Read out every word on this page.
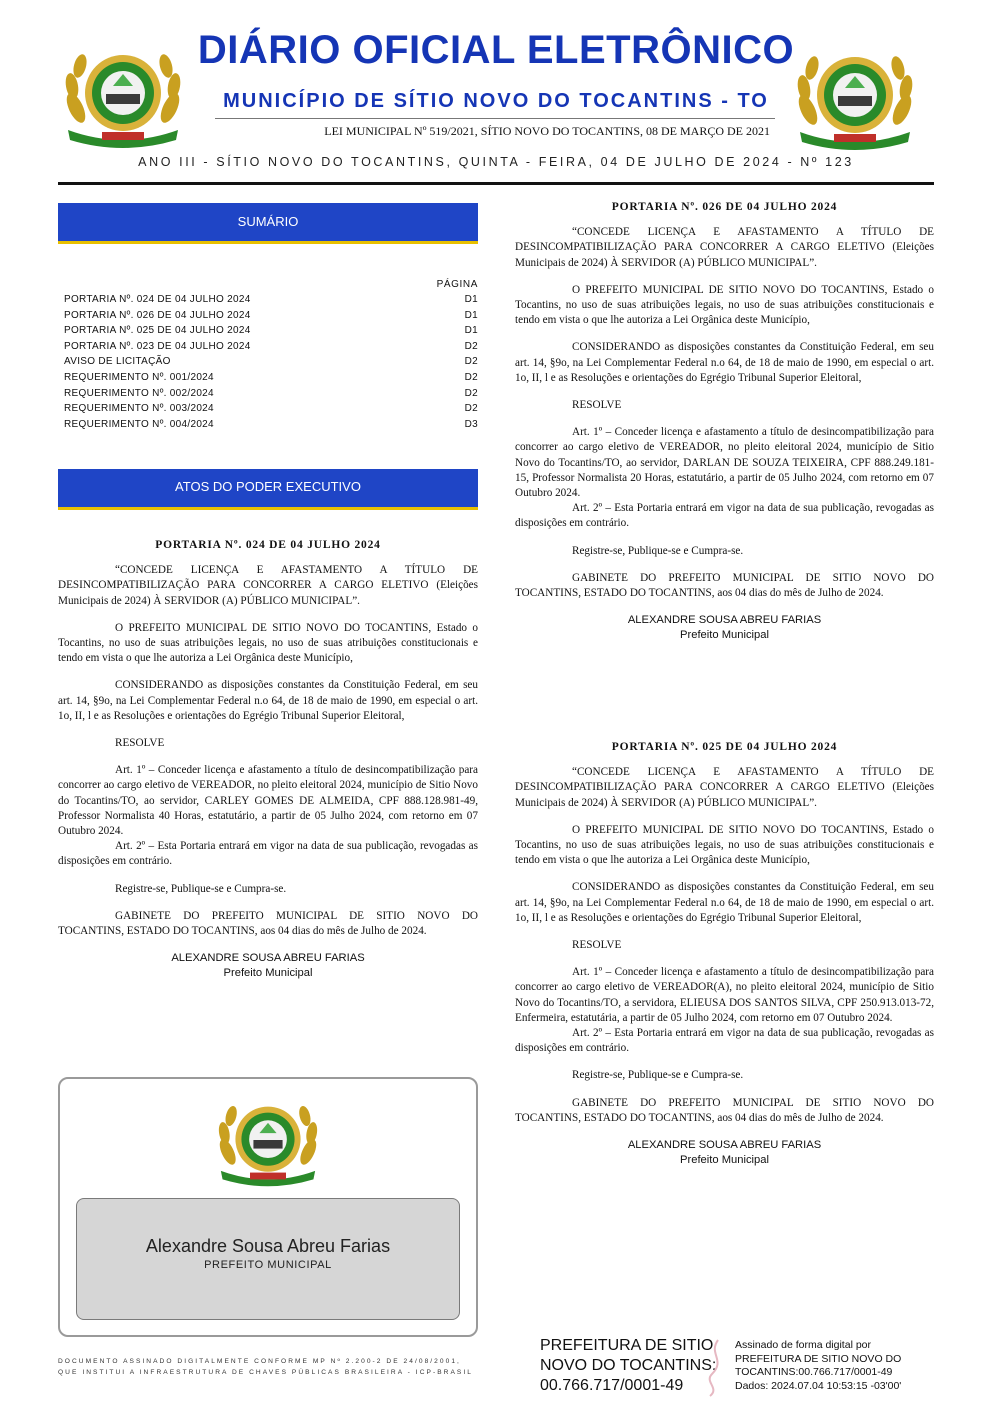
DIÁRIO OFICIAL ELETRÔNICO
MUNICÍPIO DE SÍTIO NOVO DO TOCANTINS - TO
LEI MUNICIPAL Nº 519/2021, SÍTIO NOVO DO TOCANTINS, 08 DE MARÇO DE 2021
ANO III - SÍTIO NOVO DO TOCANTINS, QUINTA - FEIRA, 04 DE JULHO DE 2024 - Nº 123
SUMÁRIO
PÁGINA
PORTARIA Nº. 024 DE 04 JULHO 2024	D1
PORTARIA Nº. 026 DE 04 JULHO 2024	D1
PORTARIA Nº. 025 DE 04 JULHO 2024	D1
PORTARIA Nº. 023 DE 04 JULHO 2024	D2
AVISO DE LICITAÇÃO	D2
REQUERIMENTO Nº. 001/2024	D2
REQUERIMENTO Nº. 002/2024	D2
REQUERIMENTO Nº. 003/2024	D2
REQUERIMENTO Nº. 004/2024	D3
ATOS DO PODER EXECUTIVO
PORTARIA Nº. 024 DE 04 JULHO 2024

“CONCEDE LICENÇA E AFASTAMENTO A TÍTULO DE DESINCOMPATIBILIZAÇÃO PARA CONCORRER A CARGO ELETIVO (Eleições Municipais de 2024) À SERVIDOR (A) PÚBLICO MUNICIPAL”.

O PREFEITO MUNICIPAL DE SITIO NOVO DO TOCANTINS, Estado o Tocantins, no uso de suas atribuições legais, no uso de suas atribuições constitucionais e tendo em vista o que lhe autoriza a Lei Orgânica deste Município,

CONSIDERANDO as disposições constantes da Constituição Federal, em seu art. 14, §9o, na Lei Complementar Federal n.o 64, de 18 de maio de 1990, em especial o art. 1o, II, l e as Resoluções e orientações do Egrégio Tribunal Superior Eleitoral,

RESOLVE

Art. 1º – Conceder licença e afastamento a título de desincompatibilização para concorrer ao cargo eletivo de VEREADOR, no pleito eleitoral 2024, município de Sitio Novo do Tocantins/TO, ao servidor, CARLEY GOMES DE ALMEIDA, CPF 888.128.981-49, Professor Normalista 40 Horas, estatutário, a partir de 05 Julho 2024, com retorno em 07 Outubro 2024.

Art. 2º – Esta Portaria entrará em vigor na data de sua publicação, revogadas as disposições em contrário.

Registre-se, Publique-se e Cumpra-se.

GABINETE DO PREFEITO MUNICIPAL DE SITIO NOVO DO TOCANTINS, ESTADO DO TOCANTINS, aos 04 dias do mês de Julho de 2024.

ALEXANDRE SOUSA ABREU FARIAS
Prefeito Municipal
PORTARIA Nº. 026 DE 04 JULHO 2024

“CONCEDE LICENÇA E AFASTAMENTO A TÍTULO DE DESINCOMPATIBILIZAÇÃO PARA CONCORRER A CARGO ELETIVO (Eleições Municipais de 2024) À SERVIDOR (A) PÚBLICO MUNICIPAL”.

O PREFEITO MUNICIPAL DE SITIO NOVO DO TOCANTINS, Estado o Tocantins, no uso de suas atribuições legais, no uso de suas atribuições constitucionais e tendo em vista o que lhe autoriza a Lei Orgânica deste Município,

CONSIDERANDO as disposições constantes da Constituição Federal, em seu art. 14, §9o, na Lei Complementar Federal n.o 64, de 18 de maio de 1990, em especial o art. 1o, II, l e as Resoluções e orientações do Egrégio Tribunal Superior Eleitoral,

RESOLVE

Art. 1º – Conceder licença e afastamento a título de desincompatibilização para concorrer ao cargo eletivo de VEREADOR, no pleito eleitoral 2024, município de Sitio Novo do Tocantins/TO, ao servidor, DARLAN DE SOUZA TEIXEIRA, CPF 888.249.181-15, Professor Normalista 20 Horas, estatutário, a partir de 05 Julho 2024, com retorno em 07 Outubro 2024.

Art. 2º – Esta Portaria entrará em vigor na data de sua publicação, revogadas as disposições em contrário.

Registre-se, Publique-se e Cumpra-se.

GABINETE DO PREFEITO MUNICIPAL DE SITIO NOVO DO TOCANTINS, ESTADO DO TOCANTINS, aos 04 dias do mês de Julho de 2024.

ALEXANDRE SOUSA ABREU FARIAS
Prefeito Municipal
PORTARIA Nº. 025 DE 04 JULHO 2024

“CONCEDE LICENÇA E AFASTAMENTO A TÍTULO DE DESINCOMPATIBILIZAÇÃO PARA CONCORRER A CARGO ELETIVO (Eleições Municipais de 2024) À SERVIDOR (A) PÚBLICO MUNICIPAL”.

O PREFEITO MUNICIPAL DE SITIO NOVO DO TOCANTINS, Estado o Tocantins, no uso de suas atribuições legais, no uso de suas atribuições constitucionais e tendo em vista o que lhe autoriza a Lei Orgânica deste Município,

CONSIDERANDO as disposições constantes da Constituição Federal, em seu art. 14, §9o, na Lei Complementar Federal n.o 64, de 18 de maio de 1990, em especial o art. 1o, II, l e as Resoluções e orientações do Egrégio Tribunal Superior Eleitoral,

RESOLVE

Art. 1º – Conceder licença e afastamento a título de desincompatibilização para concorrer ao cargo eletivo de VEREADOR(A), no pleito eleitoral 2024, município de Sitio Novo do Tocantins/TO, a servidora, ELIEUSA DOS SANTOS SILVA, CPF 250.913.013-72, Enfermeira, estatutária, a partir de 05 Julho 2024, com retorno em 07 Outubro 2024.

Art. 2º – Esta Portaria entrará em vigor na data de sua publicação, revogadas as disposições em contrário.

Registre-se, Publique-se e Cumpra-se.

GABINETE DO PREFEITO MUNICIPAL DE SITIO NOVO DO TOCANTINS, ESTADO DO TOCANTINS, aos 04 dias do mês de Julho de 2024.

ALEXANDRE SOUSA ABREU FARIAS
Prefeito Municipal
Alexandre Sousa Abreu Farias
PREFEITO MUNICIPAL
DOCUMENTO ASSINADO DIGITALMENTE CONFORME MP Nº 2.200-2 DE 24/08/2001, QUE INSTITUI A INFRAESTRUTURA DE CHAVES PÚBLICAS BRASILEIRA - ICP-BRASIL
PREFEITURA DE SITIO
NOVO DO TOCANTINS:
00.766.717/0001-49
Assinado de forma digital por
PREFEITURA DE SITIO NOVO DO
TOCANTINS:00.766.717/0001-49
Dados: 2024.07.04 10:53:15 -03'00'
